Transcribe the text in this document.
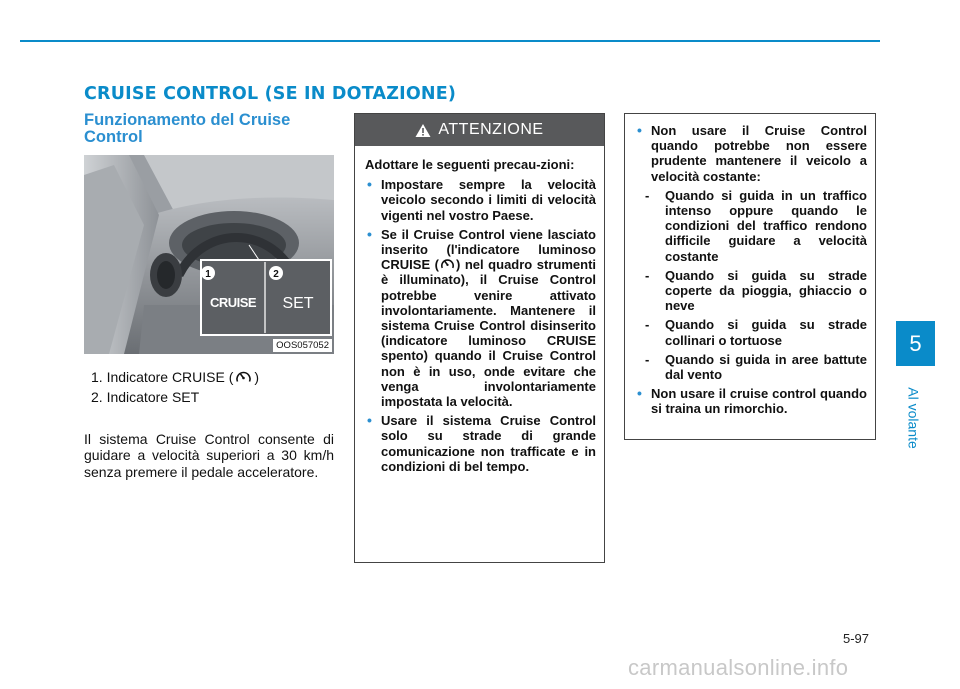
CRUISE CONTROL (SE IN DOTAZIONE)
5
Al volante
Funzionamento del Cruise Control
1	2
CRUISE SET
OOS057052
1. Indicatore CRUISE ( )
2. Indicatore SET
Il sistema Cruise Control consente di guidare a velocità superiori a 30 km/h senza premere il pedale acceleratore.
ATTENZIONE
Adottare le seguenti precau-zioni:
• Impostare sempre la velocità veicolo secondo i limiti di velocità vigenti nel vostro Paese.
• Se il Cruise Control viene lasciato inserito (l'indicatore luminoso CRUISE ( ) nel quadro strumenti è illuminato), il Cruise Control potrebbe venire attivato involontariamente. Mantenere il sistema Cruise Control disinserito (indicatore luminoso CRUISE spento) quando il Cruise Control non è in uso, onde evitare che venga involontariamente impostata la velocità.
• Usare il sistema Cruise Control solo su strade di grande comunicazione non trafficate e in condizioni di bel tempo.
• Non usare il Cruise Control quando potrebbe non essere prudente mantenere il veicolo a velocità costante:
- Quando si guida in un traffico intenso oppure quando le condizioni del traffico rendono difficile guidare a velocità costante
- Quando si guida su strade coperte da pioggia, ghiaccio o neve
- Quando si guida su strade collinari o tortuose
- Quando si guida in aree battute dal vento
• Non usare il cruise control quando si traina un rimorchio.
5-97
carmanualsonline.info
